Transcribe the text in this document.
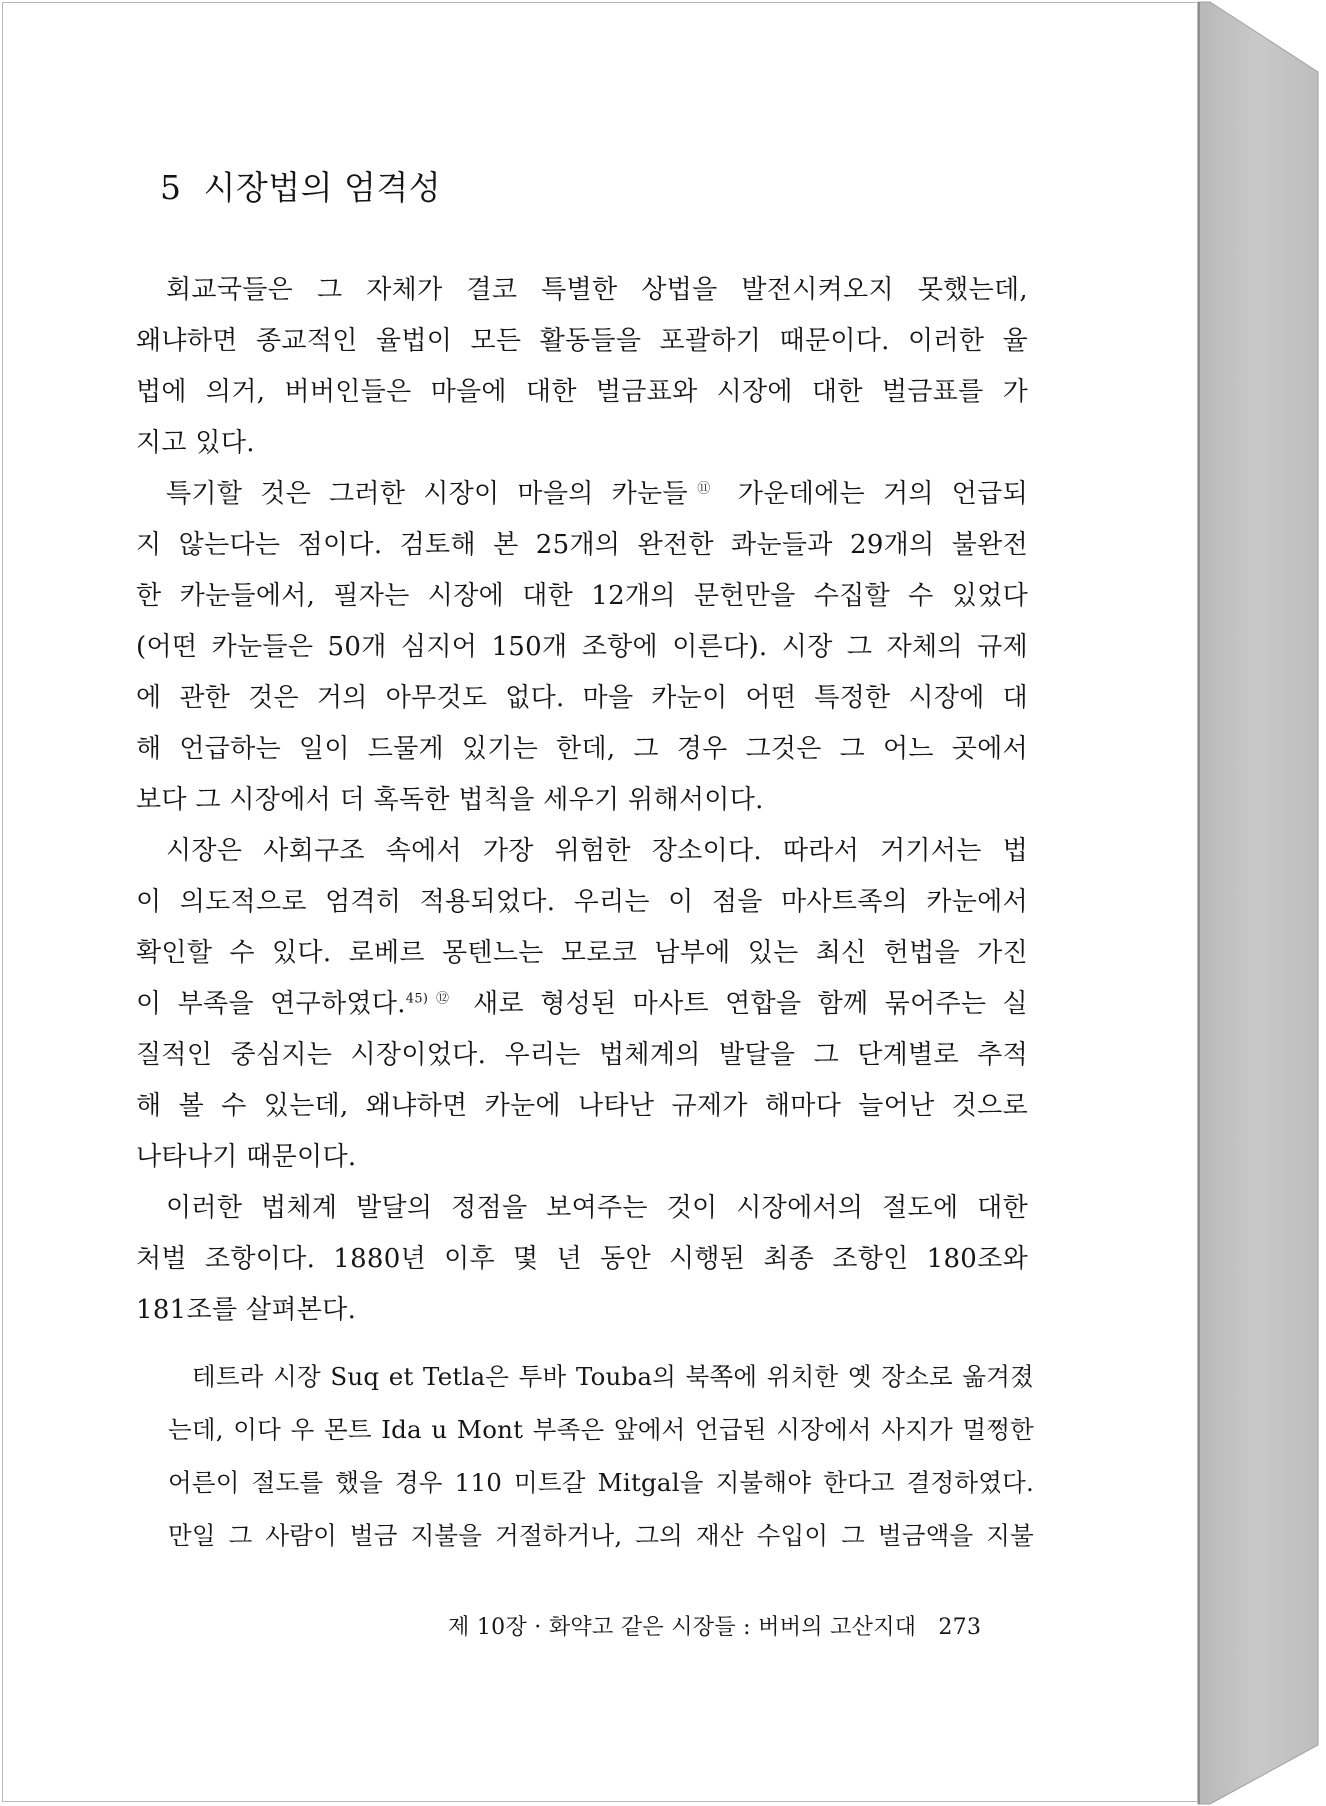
5 시장법의 엄격성
회교국들은 그 자체가 결코 특별한 상법을 발전시켜오지 못했는데,
왜냐하면 종교적인 율법이 모든 활동들을 포괄하기 때문이다. 이러한 율
법에 의거, 버버인들은 마을에 대한 벌금표와 시장에 대한 벌금표를 가
지고 있다.
특기할 것은 그러한 시장이 마을의 카눈들⑪ 가운데에는 거의 언급되
지 않는다는 점이다. 검토해 본 25개의 완전한 콰눈들과 29개의 불완전
한 카눈들에서, 필자는 시장에 대한 12개의 문헌만을 수집할 수 있었다
(어떤 카눈들은 50개 심지어 150개 조항에 이른다). 시장 그 자체의 규제
에 관한 것은 거의 아무것도 없다. 마을 카눈이 어떤 특정한 시장에 대
해 언급하는 일이 드물게 있기는 한데, 그 경우 그것은 그 어느 곳에서
보다 그 시장에서 더 혹독한 법칙을 세우기 위해서이다.
시장은 사회구조 속에서 가장 위험한 장소이다. 따라서 거기서는 법
이 의도적으로 엄격히 적용되었다. 우리는 이 점을 마사트족의 카눈에서
확인할 수 있다. 로베르 몽텐느는 모로코 남부에 있는 최신 헌법을 가진
이 부족을 연구하였다.$^{45)⑫}$ 새로 형성된 마사트 연합을 함께 묶어주는 실
질적인 중심지는 시장이었다. 우리는 법체계의 발달을 그 단계별로 추적
해 볼 수 있는데, 왜냐하면 카눈에 나타난 규제가 해마다 늘어난 것으로
나타나기 때문이다.
이러한 법체계 발달의 정점을 보여주는 것이 시장에서의 절도에 대한
처벌 조항이다. 1880년 이후 몇 년 동안 시행된 최종 조항인 180조와
181조를 살펴본다.
테트라 시장 Suq et Tetla은 투바 Touba의 북쪽에 위치한 옛 장소로 옮겨졌
는데, 이다 우 몬트 Ida u Mont 부족은 앞에서 언급된 시장에서 사지가 멀쩡한
어른이 절도를 했을 경우 110 미트갈 Mitgal을 지불해야 한다고 결정하였다.
만일 그 사람이 벌금 지불을 거절하거나, 그의 재산 수입이 그 벌금액을 지불
제 10장 · 화약고 같은 시장들 : 버버의 고산지대 273
